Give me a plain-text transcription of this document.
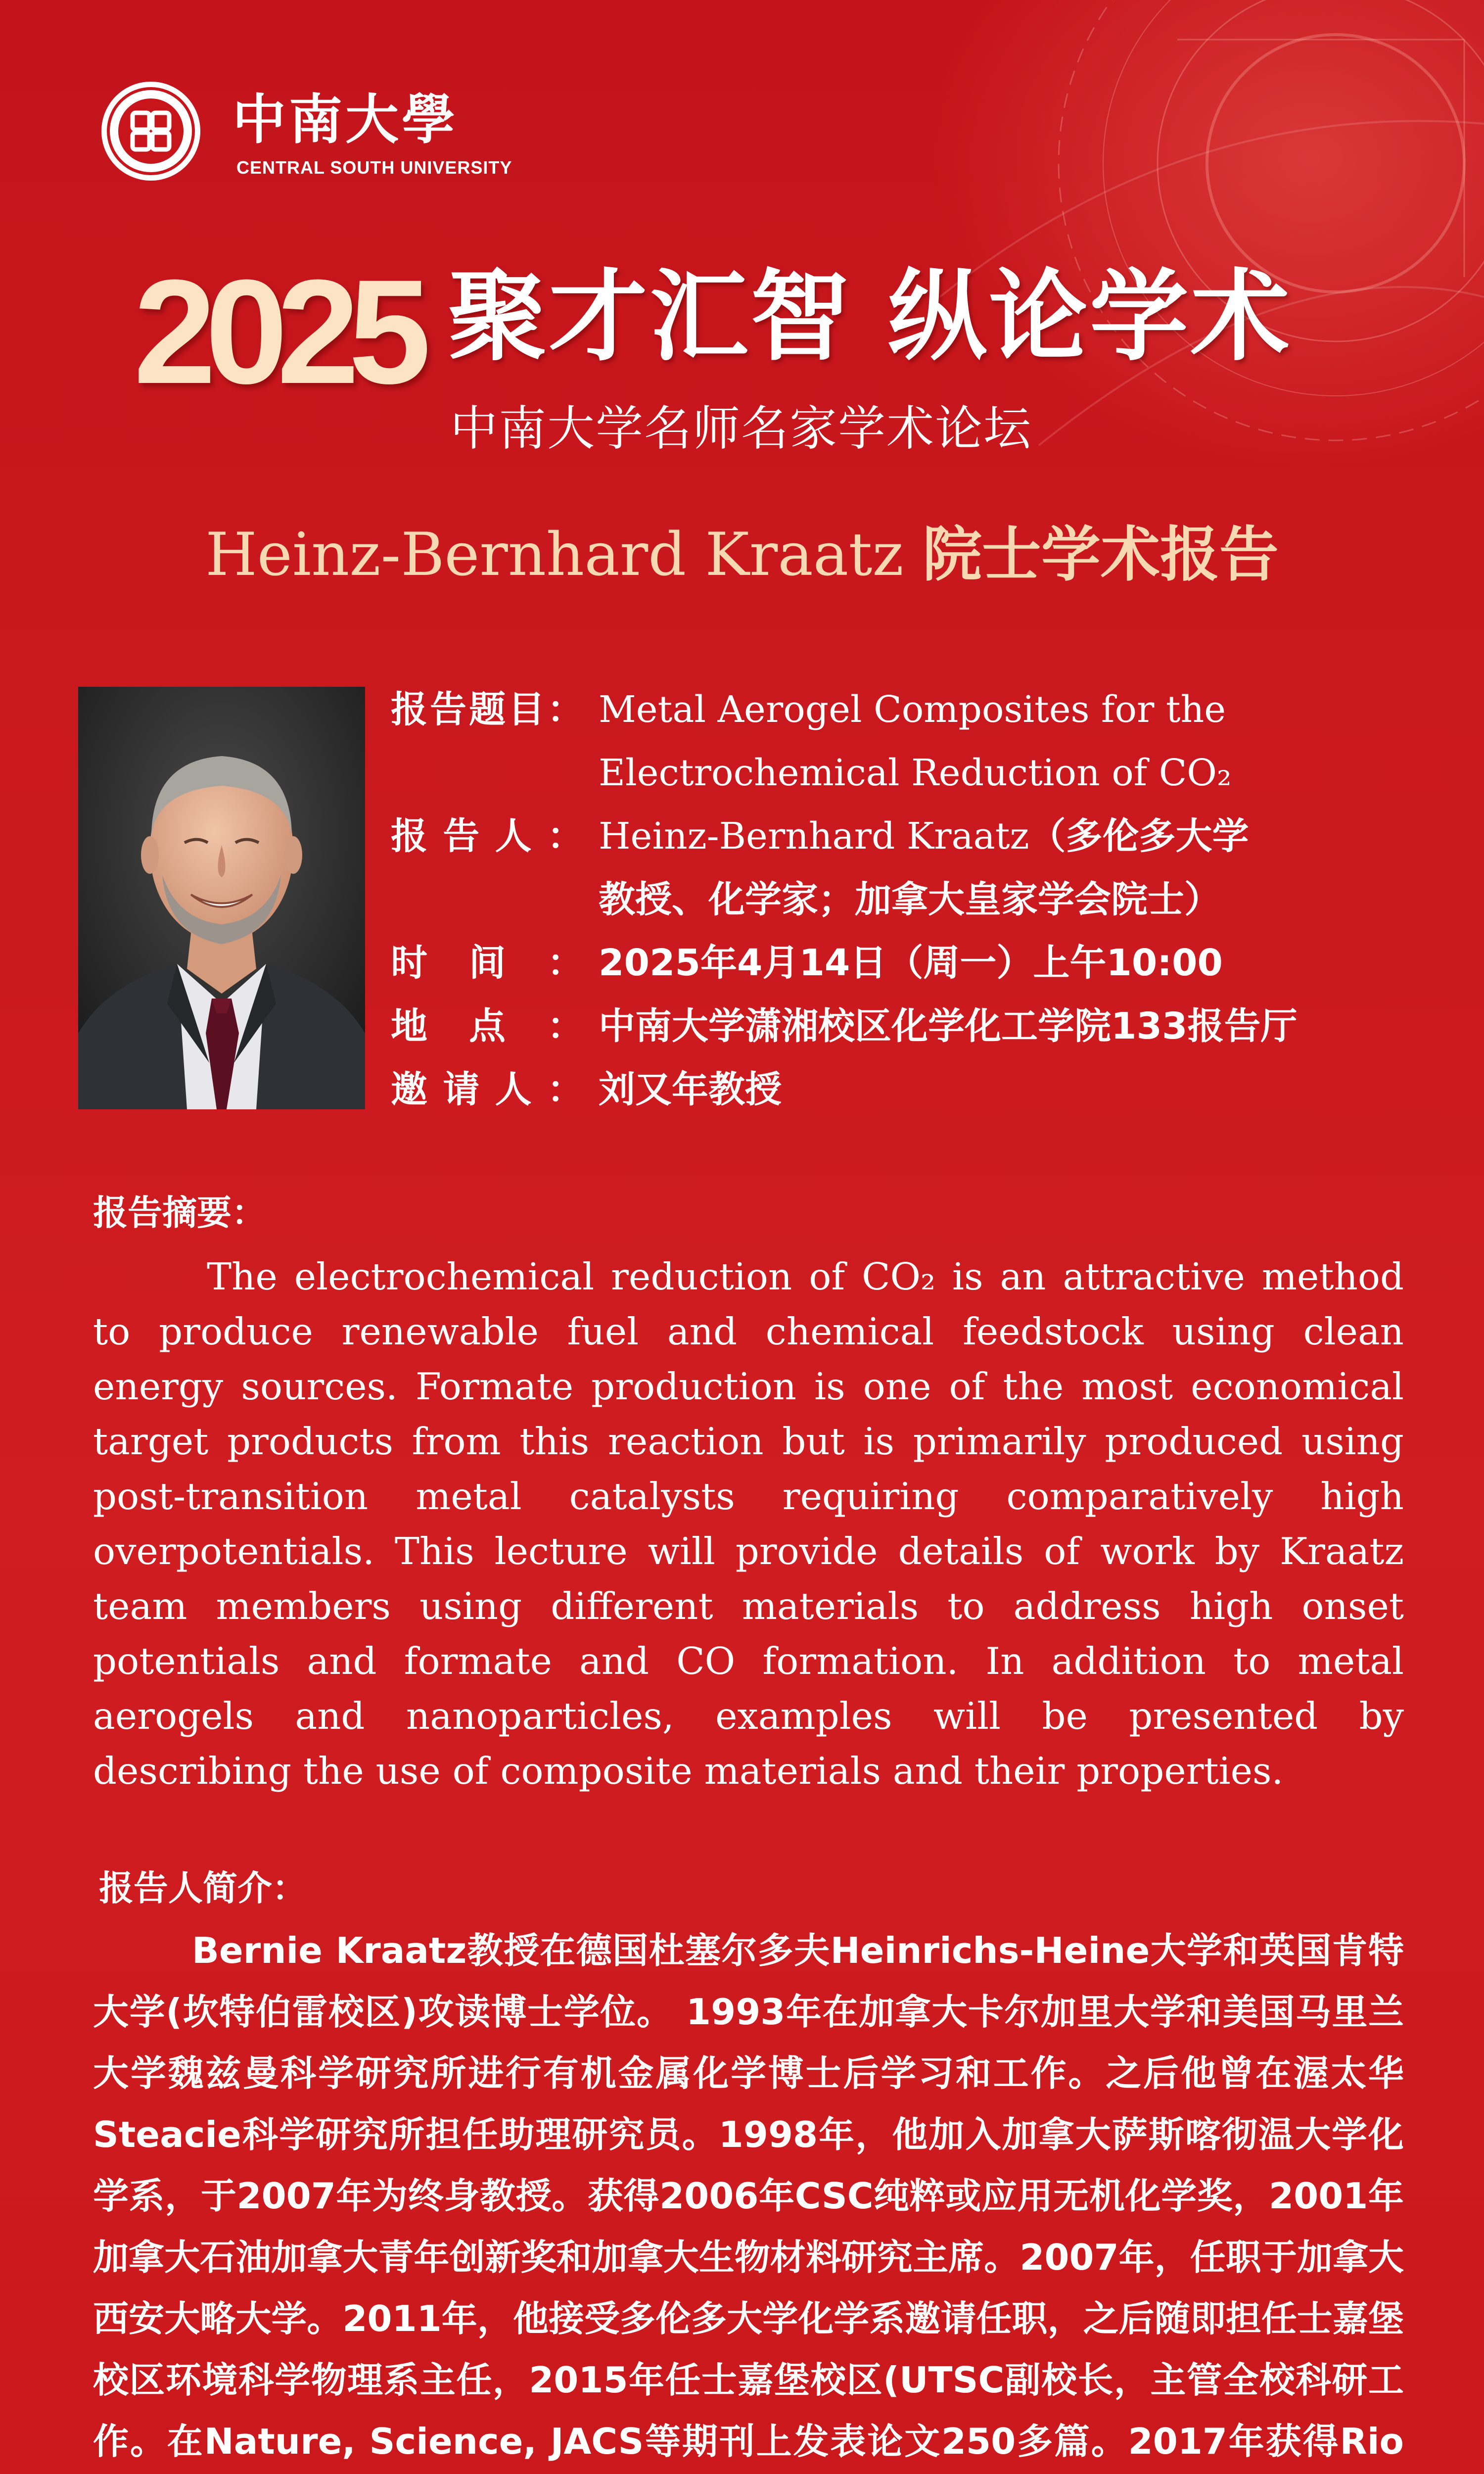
中南大學
CENTRAL SOUTH UNIVERSITY
2025 聚才汇智 纵论学术
中南大学名师名家学术论坛
Heinz-Bernhard Kraatz 院士学术报告
报 告 题 目 ： Metal Aerogel Composites for the
Electrochemical Reduction of CO₂
报 告 人 ： Heinz-Bernhard Kraatz（多伦多大学
教授、化学家；加拿大皇家学会院士）
时 间 ： 2025年4月14日（周一）上午10:00
地 点 ： 中南大学潇湘校区化学化工学院133报告厅
邀 请 人 ： 刘又年教授
报告摘要：
The electrochemical reduction of CO₂ is an attractive method to produce renewable fuel and chemical feedstock using clean energy sources. Formate production is one of the most economical target products from this reaction but is primarily produced using post-transition metal catalysts requiring comparatively high overpotentials. This lecture will provide details of work by Kraatz team members using different materials to address high onset potentials and formate and CO formation. In addition to metal aerogels and nanoparticles, examples will be presented by describing the use of composite materials and their properties.
报告人简介：
Bernie Kraatz教授在德国杜塞尔多夫Heinrichs-Heine大学和英国肯特大学(坎特伯雷校区)攻读博士学位。 1993年在加拿大卡尔加里大学和美国马里兰大学魏兹曼科学研究所进行有机金属化学博士后学习和工作。之后他曾在渥太华Steacie科学研究所担任助理研究员。1998年，他加入加拿大萨斯喀彻温大学化学系，于2007年为终身教授。获得2006年CSC纯粹或应用无机化学奖，2001年加拿大石油加拿大青年创新奖和加拿大生物材料研究主席。2007年，任职于加拿大西安大略大学。2011年，他接受多伦多大学化学系邀请任职，之后随即担任士嘉堡校区环境科学物理系主任，2015年任士嘉堡校区(UTSC副校长，主管全校科研工作。在Nature, Science, JACS等期刊上发表论文250多篇。2017年获得Rio
